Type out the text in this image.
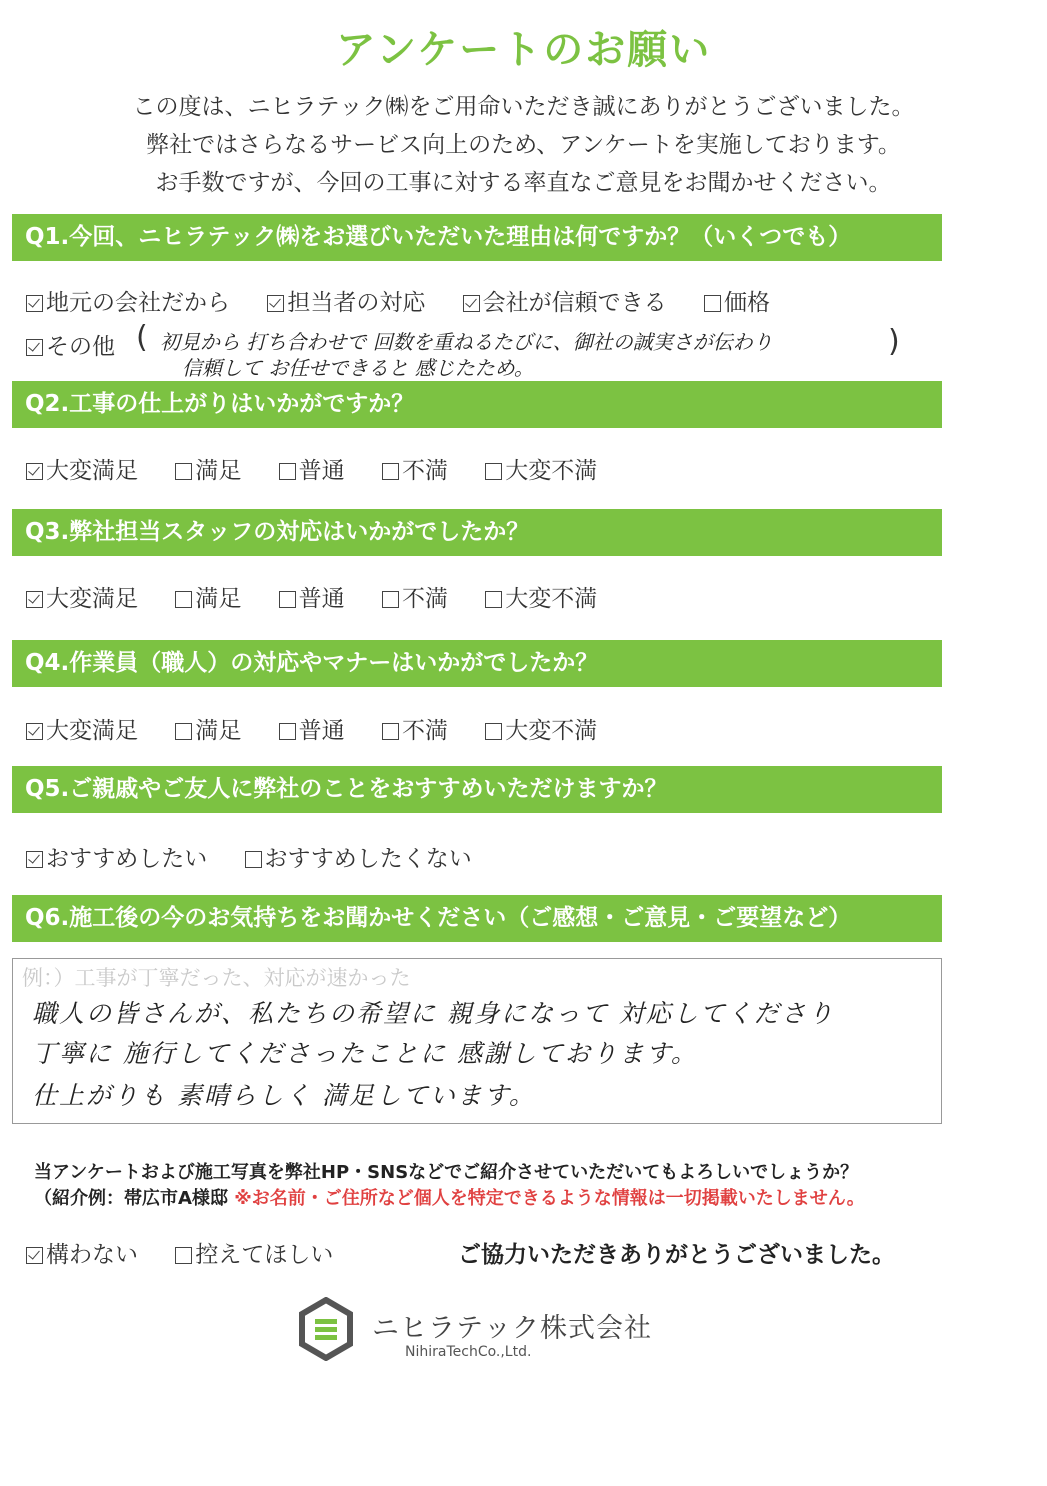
アンケートのお願い
この度は、ニヒラテック㈱をご用命いただき誠にありがとうございました。
弊社ではさらなるサービス向上のため、アンケートを実施しております。
お手数ですが、今回の工事に対する率直なご意見をお聞かせください。
Q1.今回、ニヒラテック㈱をお選びいただいた理由は何ですか？（いくつでも）
地元の会社だから 担当者の対応 会社が信頼できる 価格
その他 ( 初見から 打ち合わせで 回数を重ねるたびに、御社の誠実さが伝わり
信頼して お任せできると 感じたため。
)
Q2.工事の仕上がりはいかがですか？
大変満足 満足 普通 不満 大変不満
Q3.弊社担当スタッフの対応はいかがでしたか？
大変満足 満足 普通 不満 大変不満
Q4.作業員（職人）の対応やマナーはいかがでしたか？
大変満足 満足 普通 不満 大変不満
Q5.ご親戚やご友人に弊社のことをおすすめいただけますか？
おすすめしたい おすすめしたくない
Q6.施工後の今のお気持ちをお聞かせください（ご感想・ご意見・ご要望など）
例：）工事が丁寧だった、対応が速かった
職人の皆さんが、私たちの希望に 親身になって 対応してくださり
丁寧に 施行してくださったことに 感謝しております。
仕上がりも 素晴らしく 満足しています。
当アンケートおよび施工写真を弊社HP・SNSなどでご紹介させていただいてもよろしいでしょうか？
（紹介例：帯広市A様邸 ※お名前・ご住所など個人を特定できるような情報は一切掲載いたしません。
構わない 控えてほしい	ご協力いただきありがとうございました。
ニヒラテック株式会社
NihiraTechCo.,Ltd.
